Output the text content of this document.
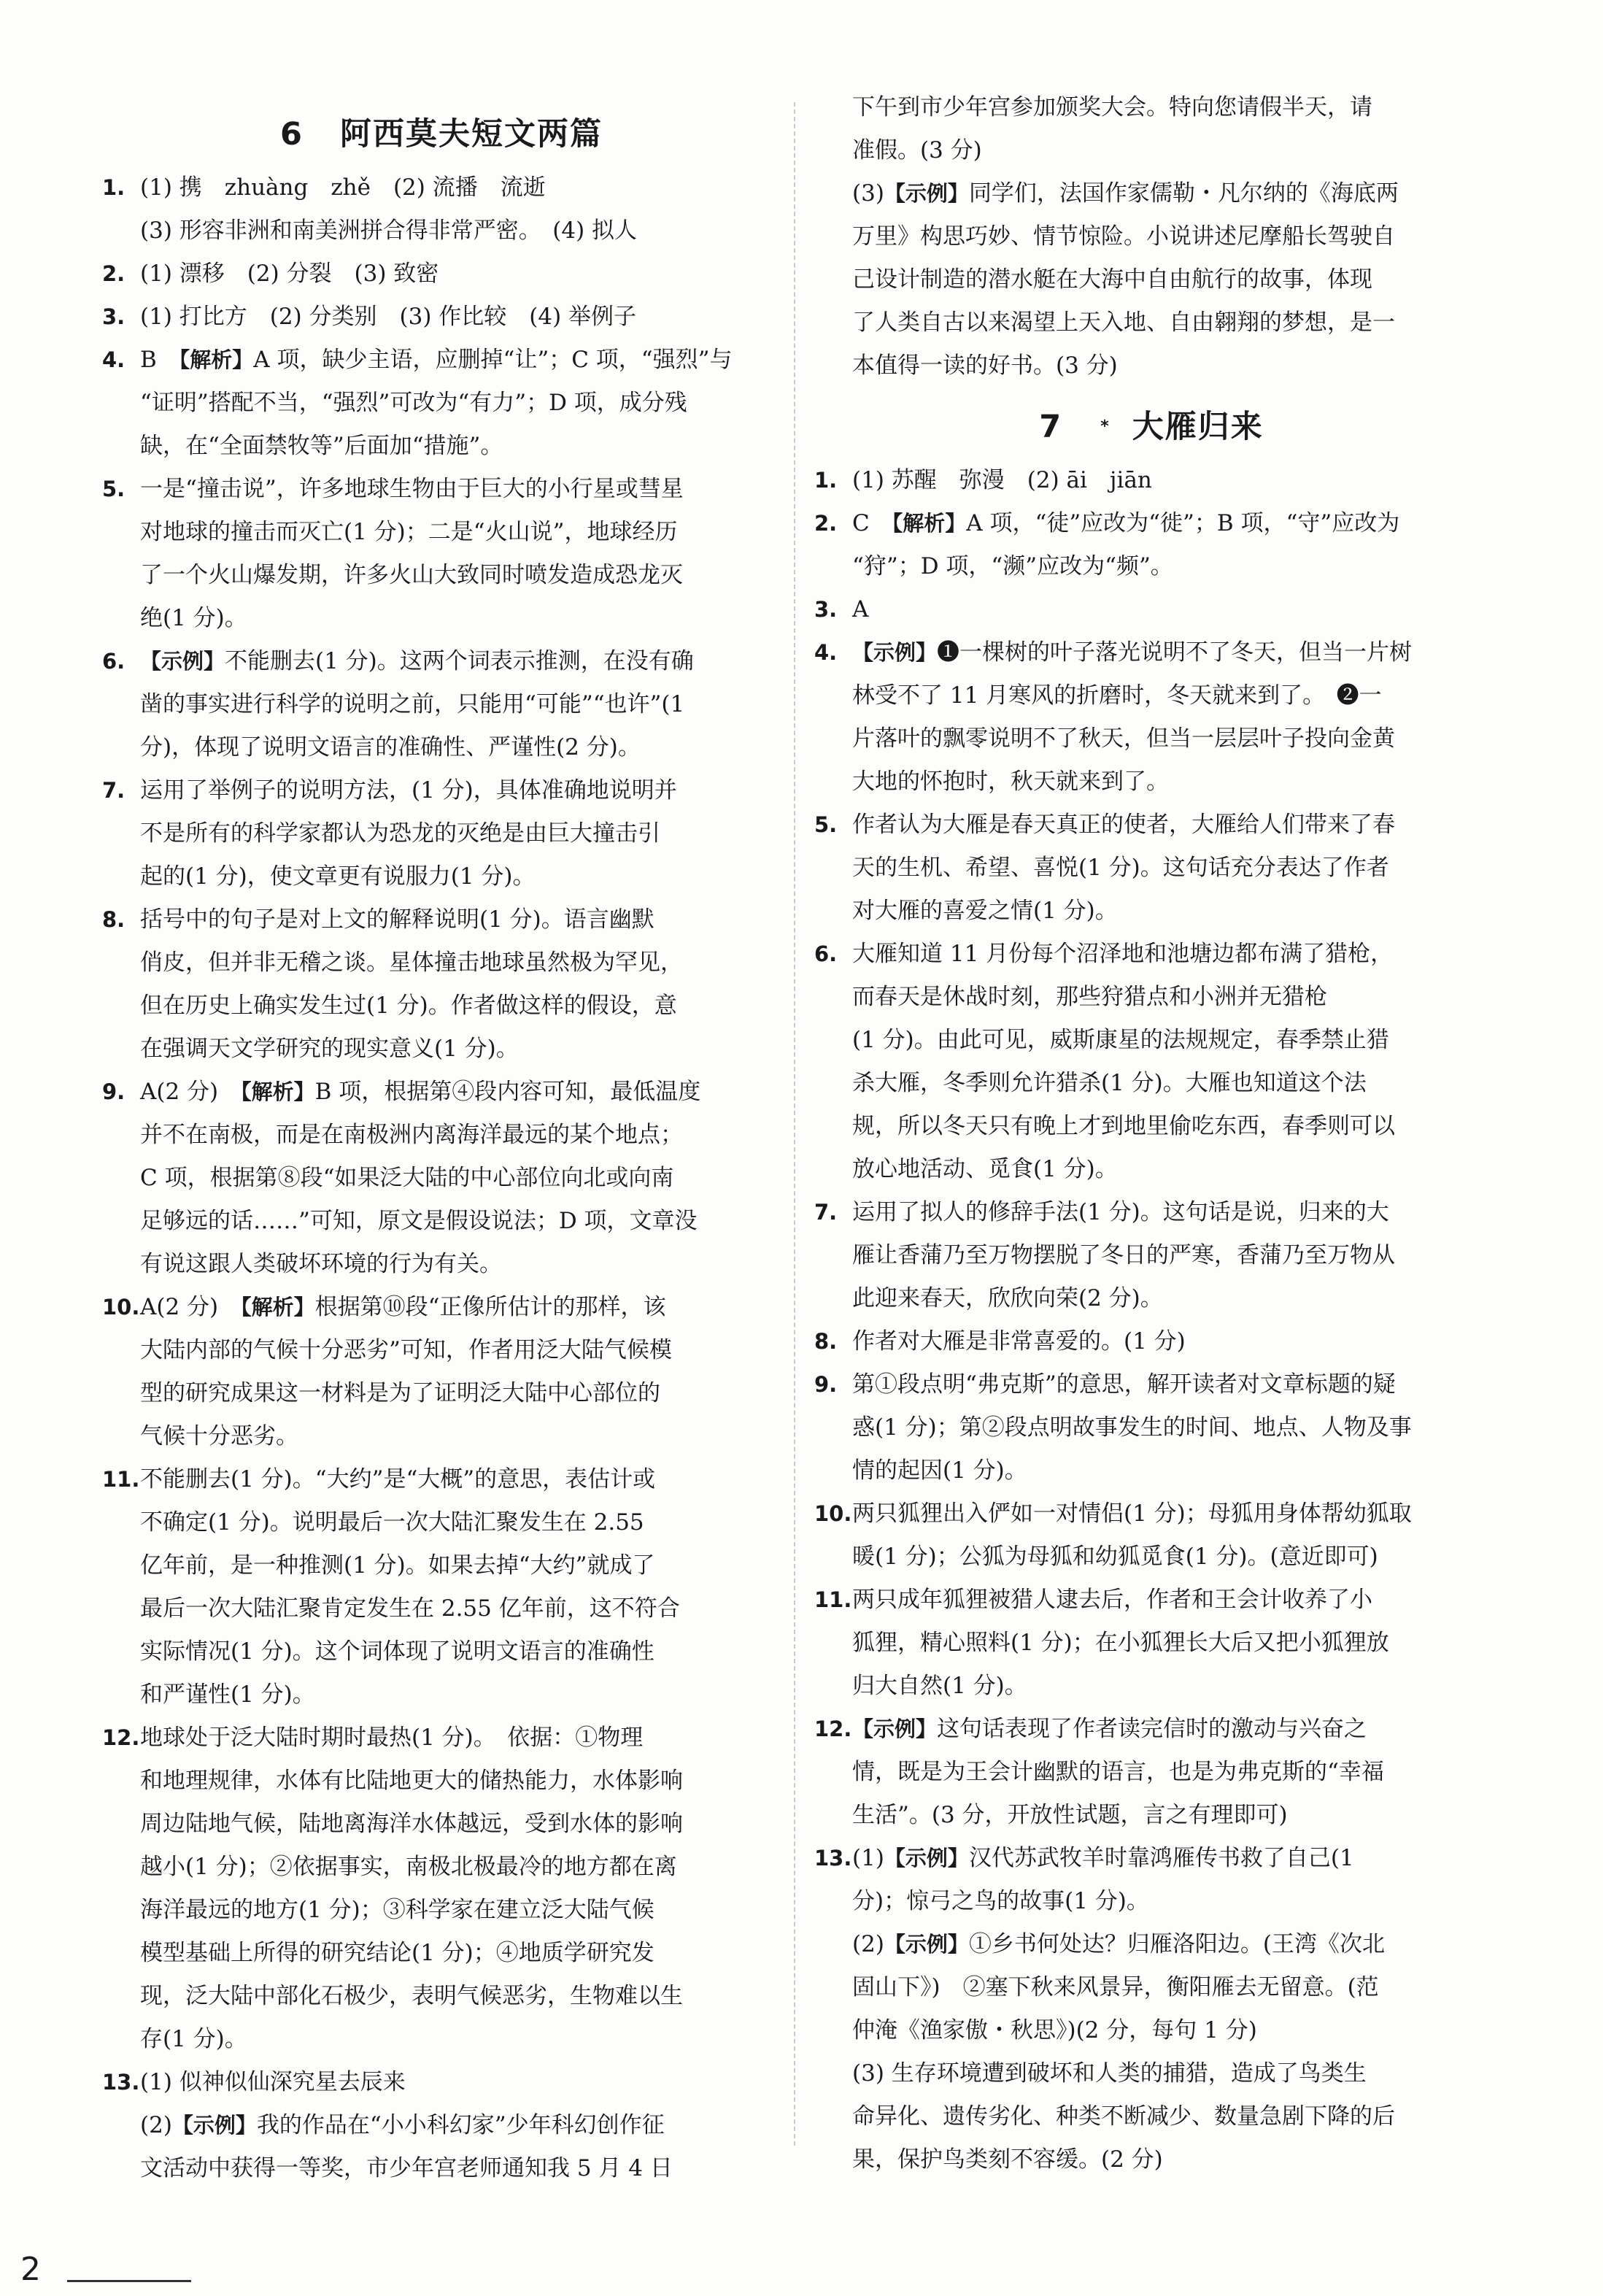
6 阿西莫夫短文两篇
1. (1) 携　zhuàng　zhě　(2) 流播　流逝
(3) 形容非洲和南美洲拼合得非常严密。　(4) 拟人
2. (1) 漂移　(2) 分裂　(3) 致密
3. (1) 打比方　(2) 分类别　(3) 作比较　(4) 举例子
4. B　【解析】A 项，缺少主语，应删掉“让”；C 项，“强烈”与
“证明”搭配不当，“强烈”可改为“有力”；D 项，成分残
缺，在“全面禁牧等”后面加“措施”。
5. 一是“撞击说”，许多地球生物由于巨大的小行星或彗星
对地球的撞击而灭亡(1 分)；二是“火山说”，地球经历
了一个火山爆发期，许多火山大致同时喷发造成恐龙灭
绝(1 分)。
6. 【示例】不能删去(1 分)。这两个词表示推测，在没有确
凿的事实进行科学的说明之前，只能用“可能”“也许”(1
分)，体现了说明文语言的准确性、严谨性(2 分)。
7. 运用了举例子的说明方法，(1 分)，具体准确地说明并
不是所有的科学家都认为恐龙的灭绝是由巨大撞击引
起的(1 分)，使文章更有说服力(1 分)。
8. 括号中的句子是对上文的解释说明(1 分)。语言幽默
俏皮，但并非无稽之谈。星体撞击地球虽然极为罕见，
但在历史上确实发生过(1 分)。作者做这样的假设，意
在强调天文学研究的现实意义(1 分)。
9. A(2 分)　【解析】B 项，根据第④段内容可知，最低温度
并不在南极，而是在南极洲内离海洋最远的某个地点；
C 项，根据第⑧段“如果泛大陆的中心部位向北或向南
足够远的话……”可知，原文是假设说法；D 项，文章没
有说这跟人类破坏环境的行为有关。
10. A(2 分)　【解析】根据第⑩段“正像所估计的那样，该
大陆内部的气候十分恶劣”可知，作者用泛大陆气候模
型的研究成果这一材料是为了证明泛大陆中心部位的
气候十分恶劣。
11. 不能删去(1 分)。“大约”是“大概”的意思，表估计或
不确定(1 分)。说明最后一次大陆汇聚发生在 2.55
亿年前，是一种推测(1 分)。如果去掉“大约”就成了
最后一次大陆汇聚肯定发生在 2.55 亿年前，这不符合
实际情况(1 分)。这个词体现了说明文语言的准确性
和严谨性(1 分)。
12. 地球处于泛大陆时期时最热(1 分)。　依据：①物理
和地理规律，水体有比陆地更大的储热能力，水体影响
周边陆地气候，陆地离海洋水体越远，受到水体的影响
越小(1 分)；②依据事实，南极北极最冷的地方都在离
海洋最远的地方(1 分)；③科学家在建立泛大陆气候
模型基础上所得的研究结论(1 分)；④地质学研究发
现，泛大陆中部化石极少，表明气候恶劣，生物难以生
存(1 分)。
13. (1) 似神似仙深究星去辰来
(2)【示例】我的作品在“小小科幻家”少年科幻创作征
文活动中获得一等奖，市少年宫老师通知我 5 月 4 日
下午到市少年宫参加颁奖大会。特向您请假半天，请
准假。(3 分)
(3)【示例】同学们，法国作家儒勒・凡尔纳的《海底两
万里》构思巧妙、情节惊险。小说讲述尼摩船长驾驶自
己设计制造的潜水艇在大海中自由航行的故事，体现
了人类自古以来渴望上天入地、自由翱翔的梦想，是一
本值得一读的好书。(3 分)
7 * 大雁归来
1. (1) 苏醒　弥漫　(2) āi　jiān
2. C　【解析】A 项，“徒”应改为“徙”；B 项，“守”应改为
“狩”；D 项，“濒”应改为“频”。
3. A
4. 【示例】❶一棵树的叶子落光说明不了冬天，但当一片树
林受不了 11 月寒风的折磨时，冬天就来到了。　❷一
片落叶的飘零说明不了秋天，但当一层层叶子投向金黄
大地的怀抱时，秋天就来到了。
5. 作者认为大雁是春天真正的使者，大雁给人们带来了春
天的生机、希望、喜悦(1 分)。这句话充分表达了作者
对大雁的喜爱之情(1 分)。
6. 大雁知道 11 月份每个沼泽地和池塘边都布满了猎枪，
而春天是休战时刻，那些狩猎点和小洲并无猎枪
(1 分)。由此可见，威斯康星的法规规定，春季禁止猎
杀大雁，冬季则允许猎杀(1 分)。大雁也知道这个法
规，所以冬天只有晚上才到地里偷吃东西，春季则可以
放心地活动、觅食(1 分)。
7. 运用了拟人的修辞手法(1 分)。这句话是说，归来的大
雁让香蒲乃至万物摆脱了冬日的严寒，香蒲乃至万物从
此迎来春天，欣欣向荣(2 分)。
8. 作者对大雁是非常喜爱的。(1 分)
9. 第①段点明“弗克斯”的意思，解开读者对文章标题的疑
惑(1 分)；第②段点明故事发生的时间、地点、人物及事
情的起因(1 分)。
10. 两只狐狸出入俨如一对情侣(1 分)；母狐用身体帮幼狐取
暖(1 分)；公狐为母狐和幼狐觅食(1 分)。(意近即可)
11. 两只成年狐狸被猎人逮去后，作者和王会计收养了小
狐狸，精心照料(1 分)；在小狐狸长大后又把小狐狸放
归大自然(1 分)。
12. 【示例】这句话表现了作者读完信时的激动与兴奋之
情，既是为王会计幽默的语言，也是为弗克斯的“幸福
生活”。(3 分，开放性试题，言之有理即可)
13. (1)【示例】汉代苏武牧羊时靠鸿雁传书救了自己(1
分)；惊弓之鸟的故事(1 分)。
(2)【示例】①乡书何处达？归雁洛阳边。(王湾《次北
固山下》)　②塞下秋来风景异，衡阳雁去无留意。(范
仲淹《渔家傲・秋思》)(2 分，每句 1 分)
(3) 生存环境遭到破坏和人类的捕猎，造成了鸟类生
命异化、遗传劣化、种类不断减少、数量急剧下降的后
果，保护鸟类刻不容缓。(2 分)
2
